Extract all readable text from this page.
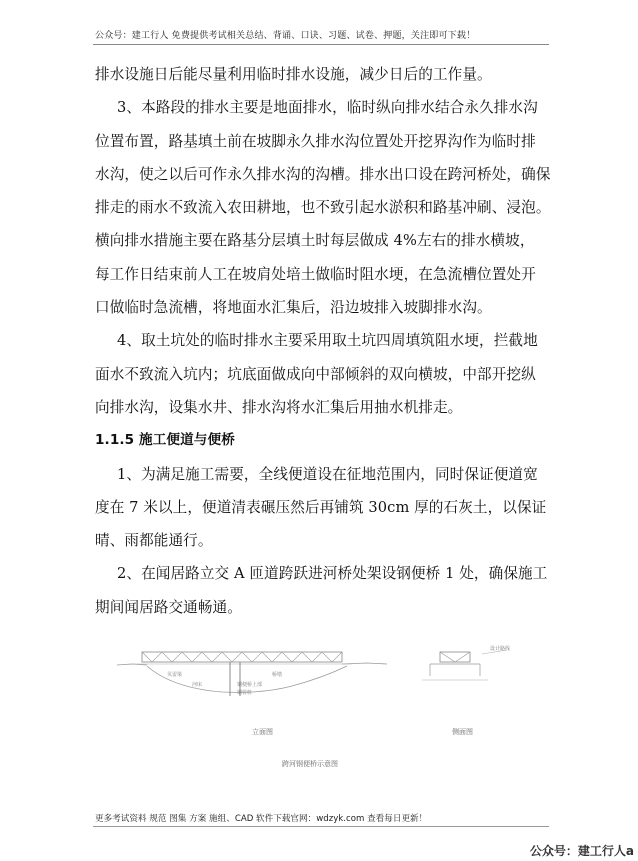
公众号：建工行人 免费提供考试相关总结、背诵、口诀、习题、试卷、押题，关注即可下载！
排水设施日后能尽量利用临时排水设施，减少日后的工作量。
3、本路段的排水主要是地面排水，临时纵向排水结合永久排水沟
位置布置，路基填土前在坡脚永久排水沟位置处开挖界沟作为临时排
水沟，使之以后可作永久排水沟的沟槽。排水出口设在跨河桥处，确保
排走的雨水不致流入农田耕地，也不致引起水淤积和路基冲刷、浸泡。
横向排水措施主要在路基分层填土时每层做成 4%左右的排水横坡，
每工作日结束前人工在坡肩处培土做临时阻水埂，在急流槽位置处开
口做临时急流槽，将地面水汇集后，沿边坡排入坡脚排水沟。
4、取土坑处的临时排水主要采用取土坑四周填筑阻水埂，拦截地
面水不致流入坑内；坑底面做成向中部倾斜的双向横坡，中部开挖纵
向排水沟，设集水井、排水沟将水汇集后用抽水机排走。
1.1.5 施工便道与便桥
1、为满足施工需要，全线便道设在征地范围内，同时保证便道宽
度在 7 米以上，便道清表碾压然后再铺筑 30cm 厚的石灰土，以保证
晴、雨都能通行。
2、在闻居路立交 A 匝道跨跃进河桥处架设钢便桥 1 处，确保施工
期间闻居路交通畅通。
钢便桥上部
钢管桩
贝雷梁	桥墩
河床
设计路线
立面图	侧面图
跨河钢便桥示意图
更多考试资料 规范 图集 方案 施组、CAD 软件下载官网：wdzyk.com 查看每日更新！
公众号：建工行人a
